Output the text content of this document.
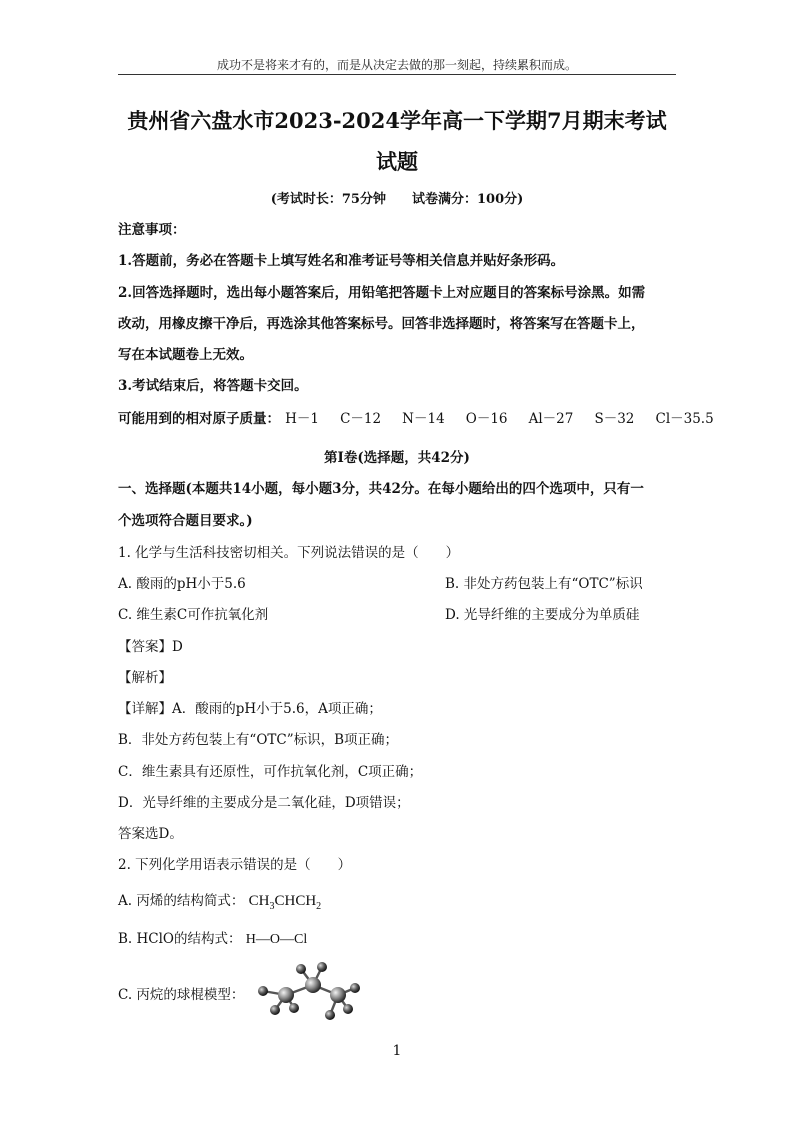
成功不是将来才有的，而是从决定去做的那一刻起，持续累积而成。
贵州省六盘水市2023-2024学年高一下学期7月期末考试
试题
(考试时长：75分钟　　试卷满分：100分)
注意事项：
1.答题前，务必在答题卡上填写姓名和准考证号等相关信息并贴好条形码。
2.回答选择题时，选出每小题答案后，用铅笔把答题卡上对应题目的答案标号涂黑。如需
改动，用橡皮擦干净后，再选涂其他答案标号。回答非选择题时，将答案写在答题卡上，
写在本试题卷上无效。
3.考试结束后，将答题卡交回。
可能用到的相对原子质量： H－1 C－12 N－14 O－16 Al－27 S－32 Cl－35.5
第Ⅰ卷(选择题，共42分)
一、选择题(本题共14小题，每小题3分，共42分。在每小题给出的四个选项中，只有一
个选项符合题目要求。)
1. 化学与生活科技密切相关。下列说法错误的是（　　）
A. 酸雨的pH小于5.6	B. 非处方药包装上有“OTC”标识
C. 维生素C可作抗氧化剂	D. 光导纤维的主要成分为单质硅
【答案】D
【解析】
【详解】A．酸雨的pH小于5.6，A项正确；
B．非处方药包装上有“OTC”标识，B项正确；
C．维生素具有还原性，可作抗氧化剂，C项正确；
D．光导纤维的主要成分是二氧化硅，D项错误；
答案选D。
2. 下列化学用语表示错误的是（　　）
A. 丙烯的结构简式： $CH_3CHCH_2$
B. HClO的结构式： H—O—Cl
C. 丙烷的球棍模型：
1
